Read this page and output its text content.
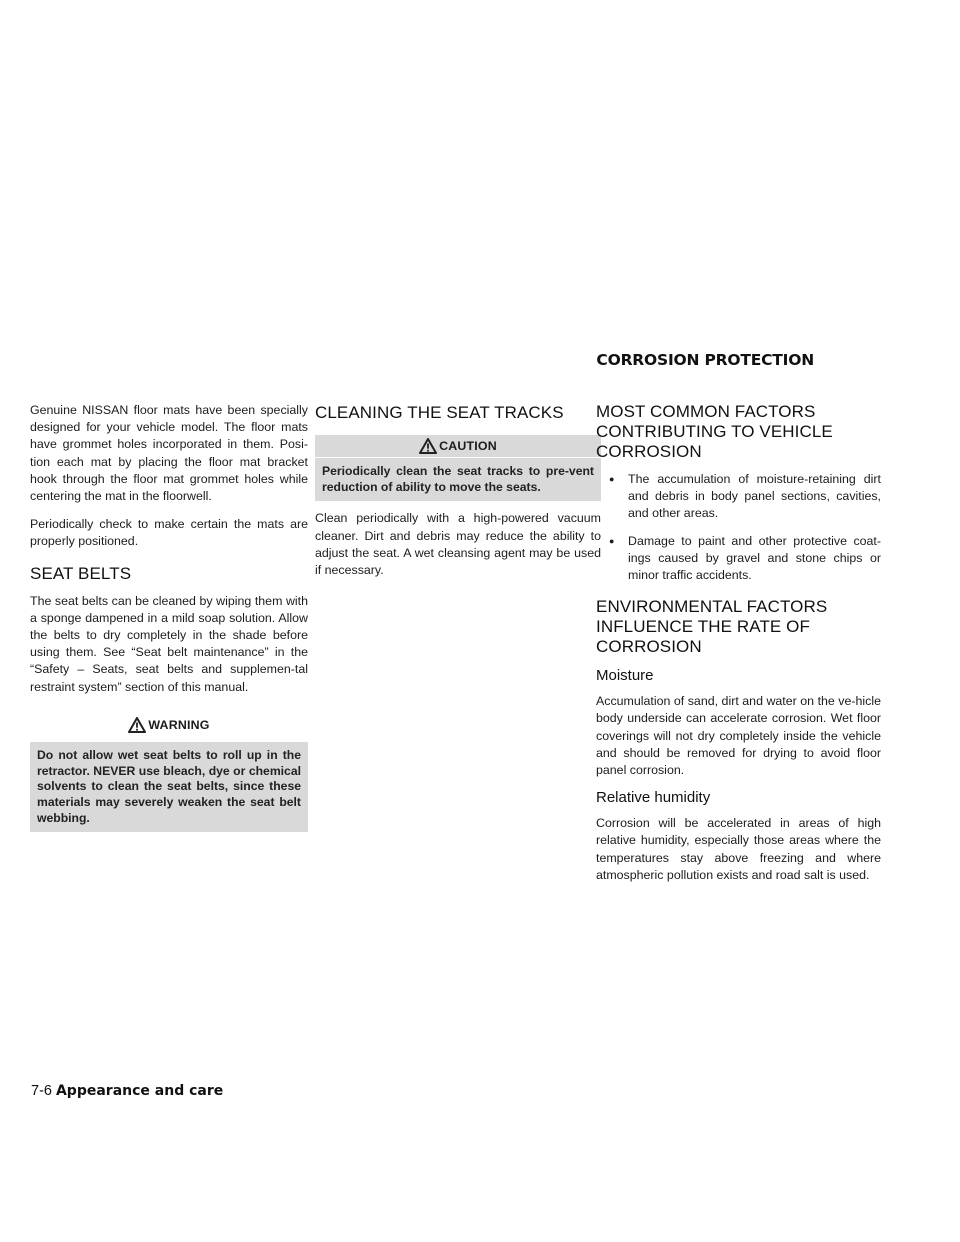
CORROSION PROTECTION

Genuine NISSAN floor mats have been specially designed for your vehicle model. The floor mats have grommet holes incorporated in them. Posi-tion each mat by placing the floor mat bracket hook through the floor mat grommet holes while centering the mat in the floorwell.

Periodically check to make certain the mats are properly positioned.

SEAT BELTS

The seat belts can be cleaned by wiping them with a sponge dampened in a mild soap solution. Allow the belts to dry completely in the shade before using them. See “Seat belt maintenance” in the “Safety – Seats, seat belts and supplemen-tal restraint system” section of this manual.

WARNING
Do not allow wet seat belts to roll up in the retractor. NEVER use bleach, dye or chemical solvents to clean the seat belts, since these materials may severely weaken the seat belt webbing.
CLEANING THE SEAT TRACKS
CAUTION
Periodically clean the seat tracks to pre-vent reduction of ability to move the seats.

Clean periodically with a high-powered vacuum cleaner. Dirt and debris may reduce the ability to adjust the seat. A wet cleansing agent may be used if necessary.

MOST COMMON FACTORS CONTRIBUTING TO VEHICLE CORROSION
● The accumulation of moisture-retaining dirt and debris in body panel sections, cavities, and other areas.
● Damage to paint and other protective coat-ings caused by gravel and stone chips or minor traffic accidents.
ENVIRONMENTAL FACTORS INFLUENCE THE RATE OF CORROSION
Moisture

Accumulation of sand, dirt and water on the ve-hicle body underside can accelerate corrosion. Wet floor coverings will not dry completely inside the vehicle and should be removed for drying to avoid floor panel corrosion.

Relative humidity

Corrosion will be accelerated in areas of high relative humidity, especially those areas where the temperatures stay above freezing and where atmospheric pollution exists and road salt is used.

7-6 Appearance and care
